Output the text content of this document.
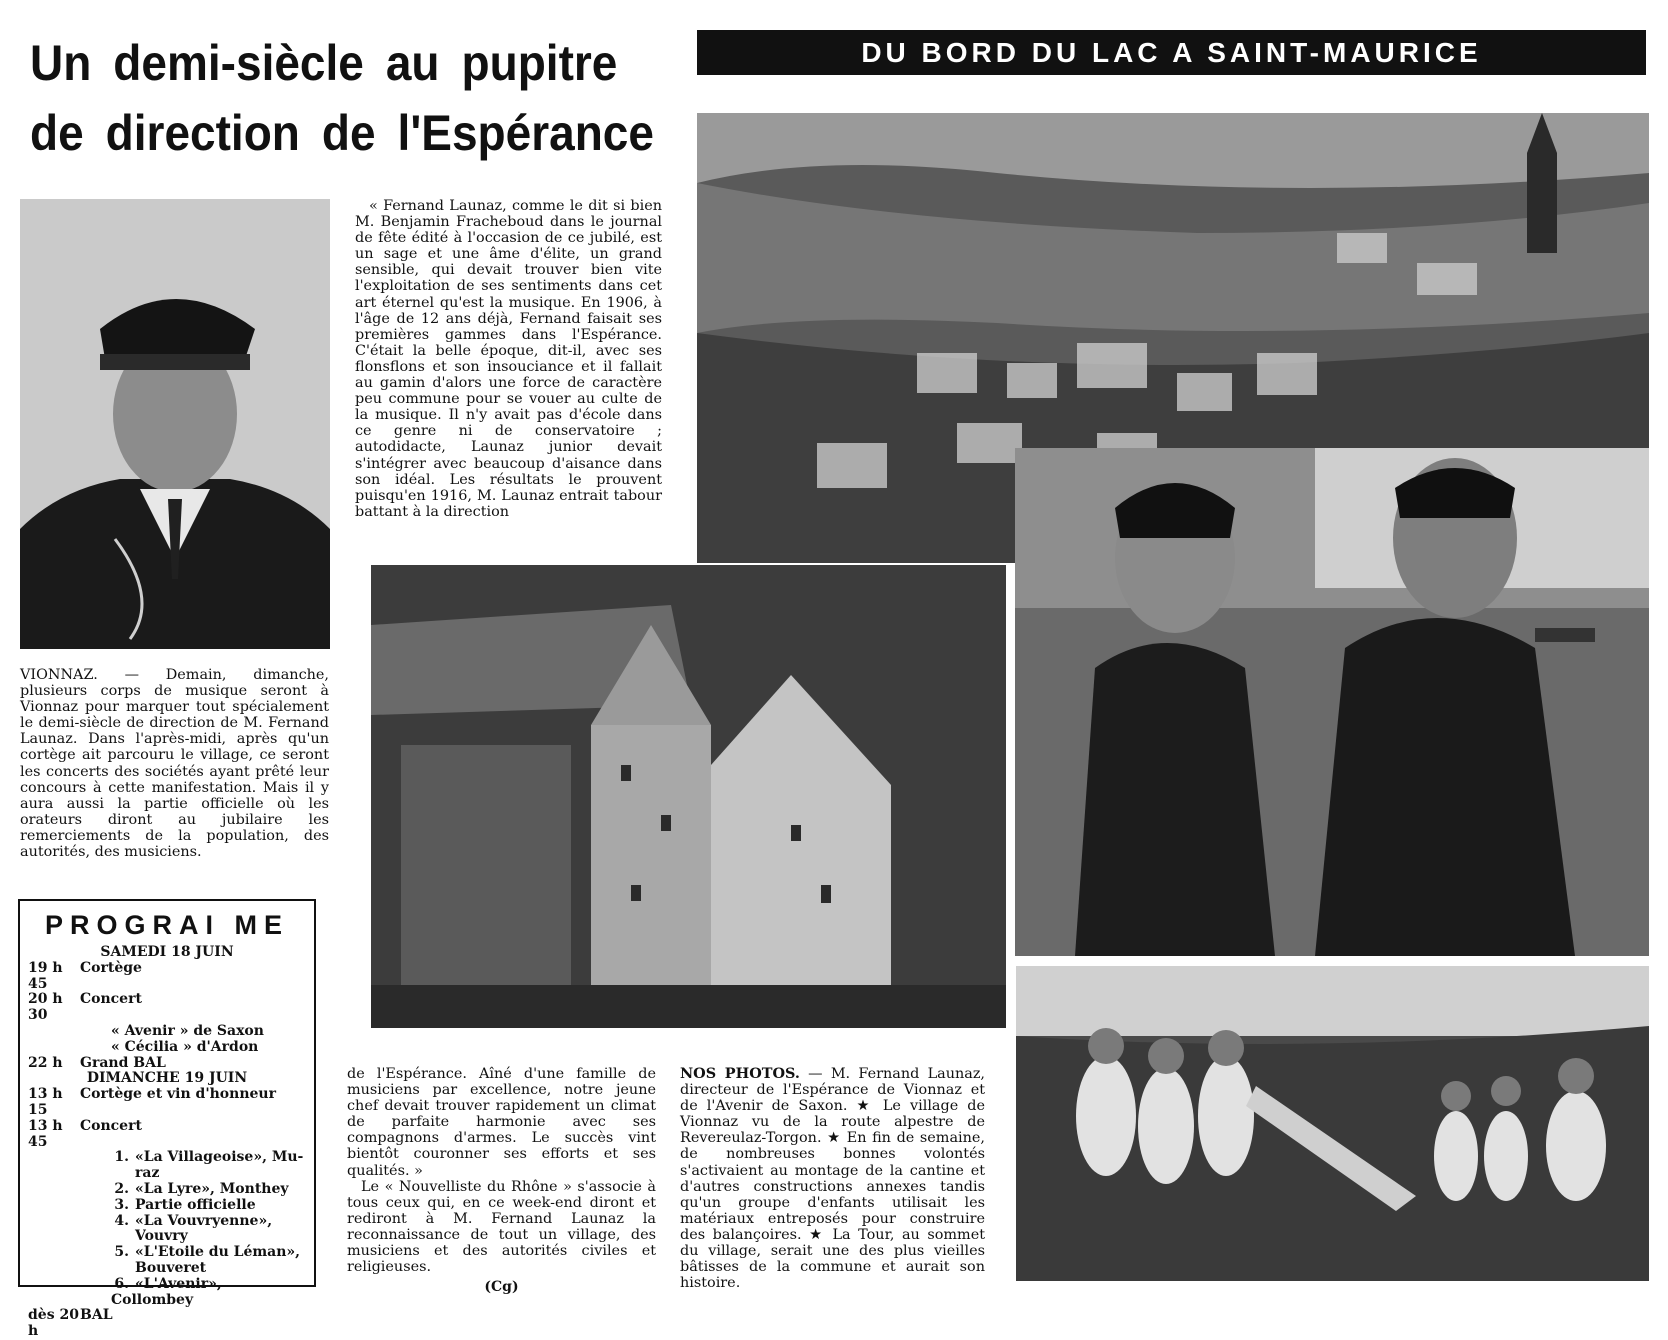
Un demi-siècle au pupitre
de direction de l'Espérance
DU BORD DU LAC A SAINT-MAURICE

« Fernand Launaz, comme le dit si bien M. Benjamin Fracheboud dans le journal de fête édité à l'occasion de ce jubilé, est un sage et une âme d'élite, un grand sensible, qui devait trouver bien vite l'exploitation de ses sentiments dans cet art éternel qu'est la musique. En 1906, à l'âge de 12 ans déjà, Fernand faisait ses premières gammes dans l'Espérance. C'était la belle époque, dit-il, avec ses flonsflons et son insouciance et il fallait au gamin d'alors une force de caractère peu commune pour se vouer au culte de la musique. Il n'y avait pas d'école dans ce genre ni de conservatoire ; autodidacte, Launaz junior devait s'intégrer avec beaucoup d'aisance dans son idéal. Les résultats le prouvent puisqu'en 1916, M. Launaz entrait tabour battant à la direction

de l'Espérance. Aîné d'une famille de musiciens par excellence, notre jeune chef devait trouver rapidement un climat de parfaite harmonie avec ses compagnons d'armes. Le succès vint bientôt couronner ses efforts et ses qualités. »

Le « Nouvelliste du Rhône » s'associe à tous ceux qui, en ce week-end diront et rediront à M. Fernand Launaz la reconnaissance de tout un village, des musiciens et des autorités civiles et religieuses.

(Cg)

VIONNAZ. — Demain, dimanche, plusieurs corps de musique seront à Vionnaz pour marquer tout spécialement le demi-siècle de direction de M. Fernand Launaz. Dans l'après-midi, après qu'un cortège ait parcouru le village, ce seront les concerts des sociétés ayant prêté leur concours à cette manifestation. Mais il y aura aussi la partie officielle où les orateurs diront au jubilaire les remerciements de la population, des autorités, des musiciens.

PROGRAI ME
SAMEDI 18 JUIN
19 h 45
Cortège
20 h 30
Concert
« Avenir » de Saxon
« Cécilia » d'Ardon
22 h	Grand BAL
DIMANCHE 19 JUIN
13 h 15
Cortège et vin d'honneur
13 h 45
Concert
1. «La Villageoise», Mu-
raz
2. «La Lyre», Monthey
3. Partie officielle
4. «La Vouvryenne»,
Vouvry
5. «L'Etoile du Léman»,
Bouveret
6. «L'Avenir», Collombey
dès 20 h
BAL
NOS PHOTOS. — M. Fernand Launaz, directeur de l'Espérance de Vionnaz et de l'Avenir de Saxon. ★ Le village de Vionnaz vu de la route alpestre de Revereulaz-Torgon. ★ En fin de semaine, de nombreuses bonnes volontés s'activaient au montage de la cantine et d'autres constructions annexes tandis qu'un groupe d'enfants utilisait les matériaux entreposés pour construire des balançoires. ★ La Tour, au sommet du village, serait une des plus vieilles bâtisses de la commune et aurait son histoire.
